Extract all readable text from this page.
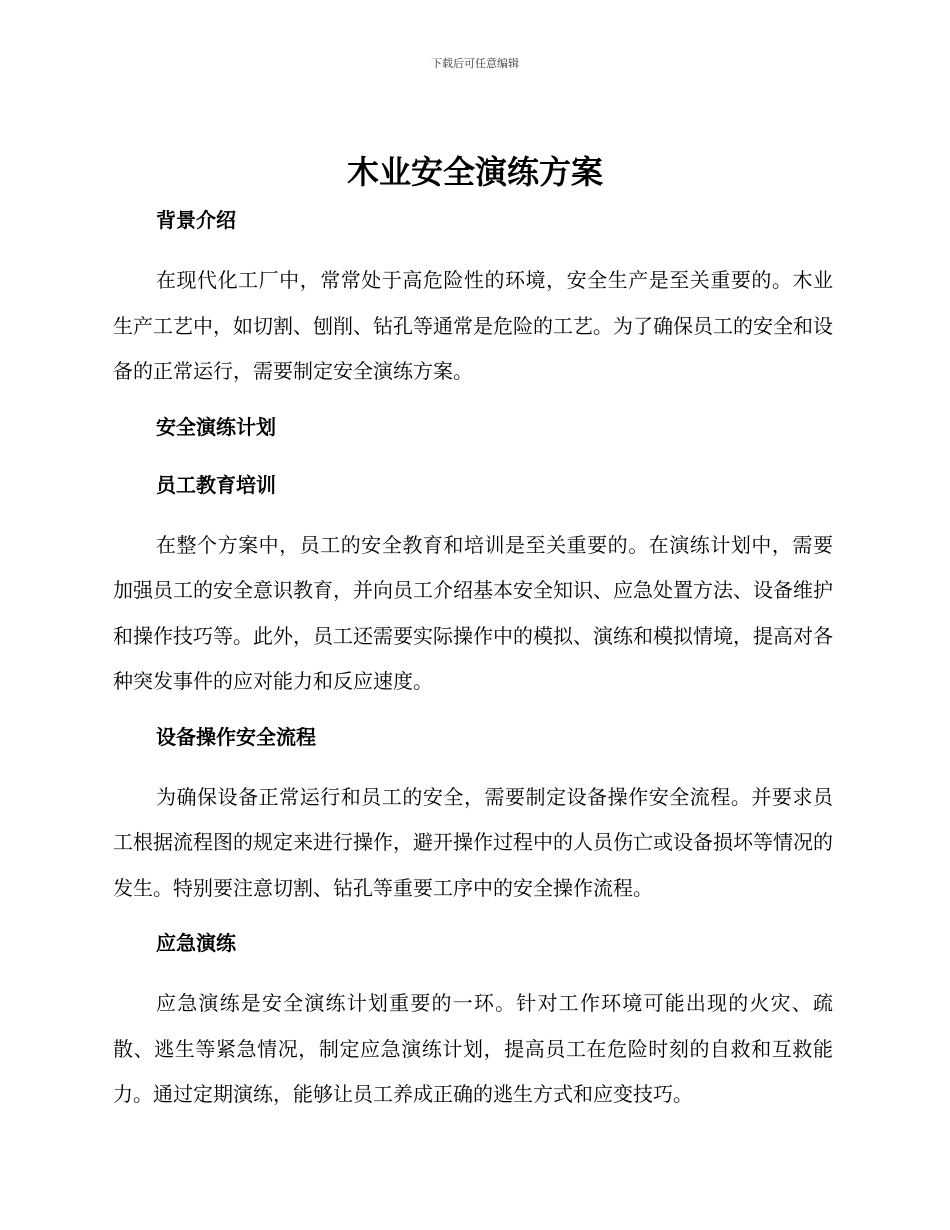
下载后可任意编辑
木业安全演练方案
背景介绍

在现代化工厂中，常常处于高危险性的环境，安全生产是至关重要的。木业生产工艺中，如切割、刨削、钻孔等通常是危险的工艺。为了确保员工的安全和设备的正常运行，需要制定安全演练方案。

安全演练计划
员工教育培训

在整个方案中，员工的安全教育和培训是至关重要的。在演练计划中，需要加强员工的安全意识教育，并向员工介绍基本安全知识、应急处置方法、设备维护和操作技巧等。此外，员工还需要实际操作中的模拟、演练和模拟情境，提高对各种突发事件的应对能力和反应速度。

设备操作安全流程

为确保设备正常运行和员工的安全，需要制定设备操作安全流程。并要求员工根据流程图的规定来进行操作，避开操作过程中的人员伤亡或设备损坏等情况的发生。特别要注意切割、钻孔等重要工序中的安全操作流程。

应急演练

应急演练是安全演练计划重要的一环。针对工作环境可能出现的火灾、疏散、逃生等紧急情况，制定应急演练计划，提高员工在危险时刻的自救和互救能力。通过定期演练，能够让员工养成正确的逃生方式和应变技巧。
